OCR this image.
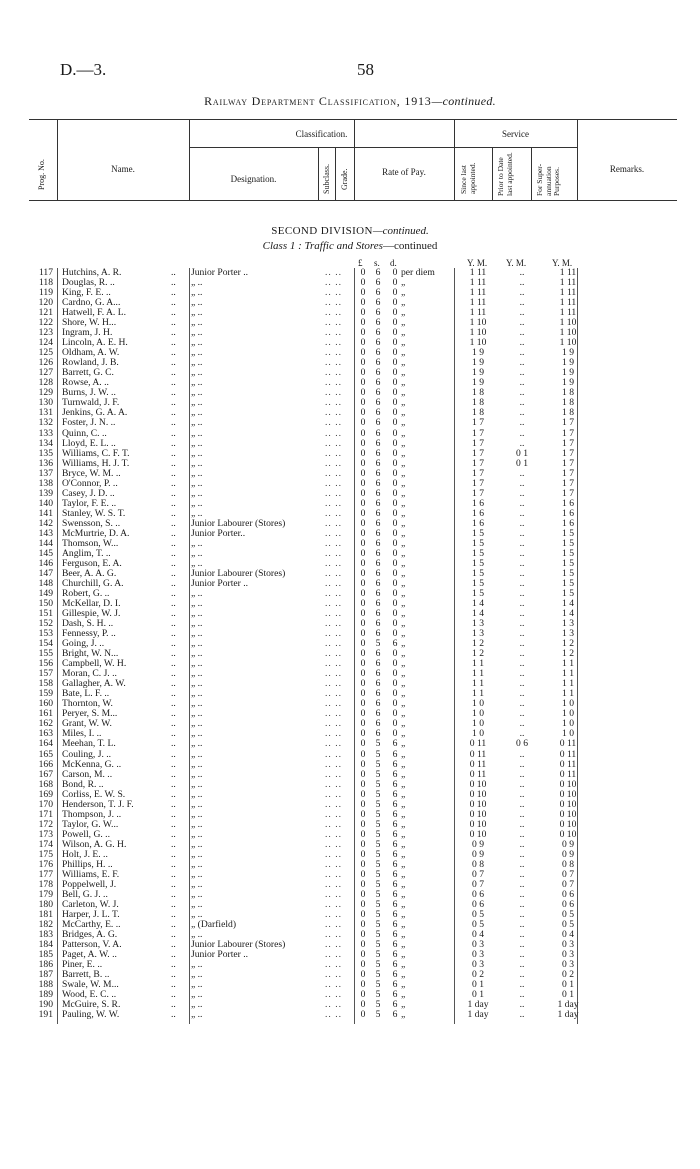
D.—3.	58
Railway Department Classification, 1913—continued.
Prog. No.	Name.
Classification.
Designation.	Subclass. Grade.	Rate of Pay.
Service
Since last appointed.	Prior to Date last appointed.	For Super-annuation Purposes.	Remarks.
SECOND DIVISION—continued.
Class 1 : Traffic and Stores—continued
£ s. d.	Y. M. Y. M.	Y. M.
117 Hutchins, A. R.	.. Junior Porter ..	.. .. 0 6 0 per diem	1 11	..	1 11
118 Douglas, R. ..	.. „ ..	.. .. 0 6 0 „	1 11	..	1 11
119 King, F. E. ..	.. „ ..	.. .. 0 6 0 „	1 11	..	1 11
120 Cardno, G. A...	.. „ ..	.. .. 0 6 0 „	1 11	..	1 11
121 Hatwell, F. A. L.	.. „ ..	.. .. 0 6 0 „	1 11	..	1 11
122 Shore, W. H...	.. „ ..	.. .. 0 6 0 „	1 10	..	1 10
123 Ingram, J. H.	.. „ ..	.. .. 0 6 0 „	1 10	..	1 10
124 Lincoln, A. E. H.	.. „ ..	.. .. 0 6 0 „	1 10	..	1 10
125 Oldham, A. W.	.. „ ..	.. .. 0 6 0 „	1 9	..	1 9
126 Rowland, J. B.	.. „ ..	.. .. 0 6 0 „	1 9	..	1 9
127 Barrett, G. C.	.. „ ..	.. .. 0 6 0 „	1 9	..	1 9
128 Rowse, A. ..	.. „ ..	.. .. 0 6 0 „	1 9	..	1 9
129 Burns, J. W. ..	.. „ ..	.. .. 0 6 0 „	1 8	..	1 8
130 Turnwald, J. F.	.. „ ..	.. .. 0 6 0 „	1 8	..	1 8
131 Jenkins, G. A. A.	.. „ ..	.. .. 0 6 0 „	1 8	..	1 8
132 Foster, J. N. ..	.. „ ..	.. .. 0 6 0 „	1 7	..	1 7
133 Quinn, C. ..	.. „ ..	.. .. 0 6 0 „	1 7	..	1 7
134 Lloyd, E. L. ..	.. „ ..	.. .. 0 6 0 „	1 7	..	1 7
135 Williams, C. F. T.	.. „ ..	.. .. 0 6 0 „	1 7	0 1	1 7
136 Williams, H. J. T.	.. „ ..	.. .. 0 6 0 „	1 7	0 1	1 7
137 Bryce, W. M. ..	.. „ ..	.. .. 0 6 0 „	1 7	..	1 7
138 O'Connor, P. ..	.. „ ..	.. .. 0 6 0 „	1 7	..	1 7
139 Casey, J. D. ..	.. „ ..	.. .. 0 6 0 „	1 7	..	1 7
140 Taylor, F. E. ..	.. „ ..	.. .. 0 6 0 „	1 6	..	1 6
141 Stanley, W. S. T.	.. „ ..	.. .. 0 6 0 „	1 6	..	1 6
142 Swensson, S. ..	.. Junior Labourer (Stores)	.. .. 0 6 0 „	1 6	..	1 6
143 McMurtrie, D. A.	.. Junior Porter..	.. .. 0 6 0 „	1 5	..	1 5
144 Thomson, W...	.. „ ..	.. .. 0 6 0 „	1 5	..	1 5
145 Anglim, T. ..	.. „ ..	.. .. 0 6 0 „	1 5	..	1 5
146 Ferguson, E. A.	.. „ ..	.. .. 0 6 0 „	1 5	..	1 5
147 Beer, A. A. G.	.. Junior Labourer (Stores)	.. .. 0 6 0 „	1 5	..	1 5
148 Churchill, G. A.	.. Junior Porter ..	.. .. 0 6 0 „	1 5	..	1 5
149 Robert, G. ..	.. „ ..	.. .. 0 6 0 „	1 5	..	1 5
150 McKellar, D. I.	.. „ ..	.. .. 0 6 0 „	1 4	..	1 4
151 Gillespie, W. J.	.. „ ..	.. .. 0 6 0 „	1 4	..	1 4
152 Dash, S. H. ..	.. „ ..	.. .. 0 6 0 „	1 3	..	1 3
153 Fennessy, P. ..	.. „ ..	.. .. 0 6 0 „	1 3	..	1 3
154 Going, J. ..	.. „ ..	.. .. 0 5 6 „	1 2	..	1 2
155 Bright, W. N...	.. „ ..	.. .. 0 6 0 „	1 2	..	1 2
156 Campbell, W. H.	.. „ ..	.. .. 0 6 0 „	1 1	..	1 1
157 Moran, C. J. ..	.. „ ..	.. .. 0 6 0 „	1 1	..	1 1
158 Gallagher, A. W.	.. „ ..	.. .. 0 6 0 „	1 1	..	1 1
159 Bate, L. F. ..	.. „ ..	.. .. 0 6 0 „	1 1	..	1 1
160 Thornton, W.	.. „ ..	.. .. 0 6 0 „	1 0	..	1 0
161 Peryer, S. M...	.. „ ..	.. .. 0 6 0 „	1 0	..	1 0
162 Grant, W. W.	.. „ ..	.. .. 0 6 0 „	1 0	..	1 0
163 Miles, I. ..	.. „ ..	.. .. 0 6 0 „	1 0	..	1 0
164 Meehan, T. L.	.. „ ..	.. .. 0 5 6 „	0 11	0 6	0 11
165 Couling, J. ..	.. „ ..	.. .. 0 5 6 „	0 11	..	0 11
166 McKenna, G. ..	.. „ ..	.. .. 0 5 6 „	0 11	..	0 11
167 Carson, M. ..	.. „ ..	.. .. 0 5 6 „	0 11	..	0 11
168 Bond, R. ..	.. „ ..	.. .. 0 5 6 „	0 10	..	0 10
169 Corliss, E. W. S.	.. „ ..	.. .. 0 5 6 „	0 10	..	0 10
170 Henderson, T. J. F.	.. „ ..	.. .. 0 5 6 „	0 10	..	0 10
171 Thompson, J. ..	.. „ ..	.. .. 0 5 6 „	0 10	..	0 10
172 Taylor, G. W...	.. „ ..	.. .. 0 5 6 „	0 10	..	0 10
173 Powell, G. ..	.. „ ..	.. .. 0 5 6 „	0 10	..	0 10
174 Wilson, A. G. H.	.. „ ..	.. .. 0 5 6 „	0 9	..	0 9
175 Holt, J. E. ..	.. „ ..	.. .. 0 5 6 „	0 9	..	0 9
176 Phillips, H. ..	.. „ ..	.. .. 0 5 6 „	0 8	..	0 8
177 Williams, E. F.	.. „ ..	.. .. 0 5 6 „	0 7	..	0 7
178 Poppelwell, J.	.. „ ..	.. .. 0 5 6 „	0 7	..	0 7
179 Bell, G. J. ..	.. „ ..	.. .. 0 5 6 „	0 6	..	0 6
180 Carleton, W. J.	.. „ ..	.. .. 0 5 6 „	0 6	..	0 6
181 Harper, J. L. T.	.. „ ..	.. .. 0 5 6 „	0 5	..	0 5
182 McCarthy, E. ..	.. „ (Darfield)	.. .. 0 5 6 „	0 5	..	0 5
183 Bridges, A. G.	.. „ ..	.. .. 0 5 6 „	0 4	..	0 4
184 Patterson, V. A.	.. Junior Labourer (Stores)	.. .. 0 5 6 „	0 3	..	0 3
185 Paget, A. W. ..	.. Junior Porter ..	.. .. 0 5 6 „	0 3	..	0 3
186 Piner, E. ..	.. „ ..	.. .. 0 5 6 „	0 3	..	0 3
187 Barrett, B. ..	.. „ ..	.. .. 0 5 6 „	0 2	..	0 2
188 Swale, W. M...	.. „ ..	.. .. 0 5 6 „	0 1	..	0 1
189 Wood, E. C. ..	.. „ ..	.. .. 0 5 6 „	0 1	..	0 1
190 McGuire, S. R.	.. „ ..	.. .. 0 5 6 „	1 day	..	1 day
191 Pauling, W. W.	.. „ ..	.. .. 0 5 6 „	1 day	..	1 day
